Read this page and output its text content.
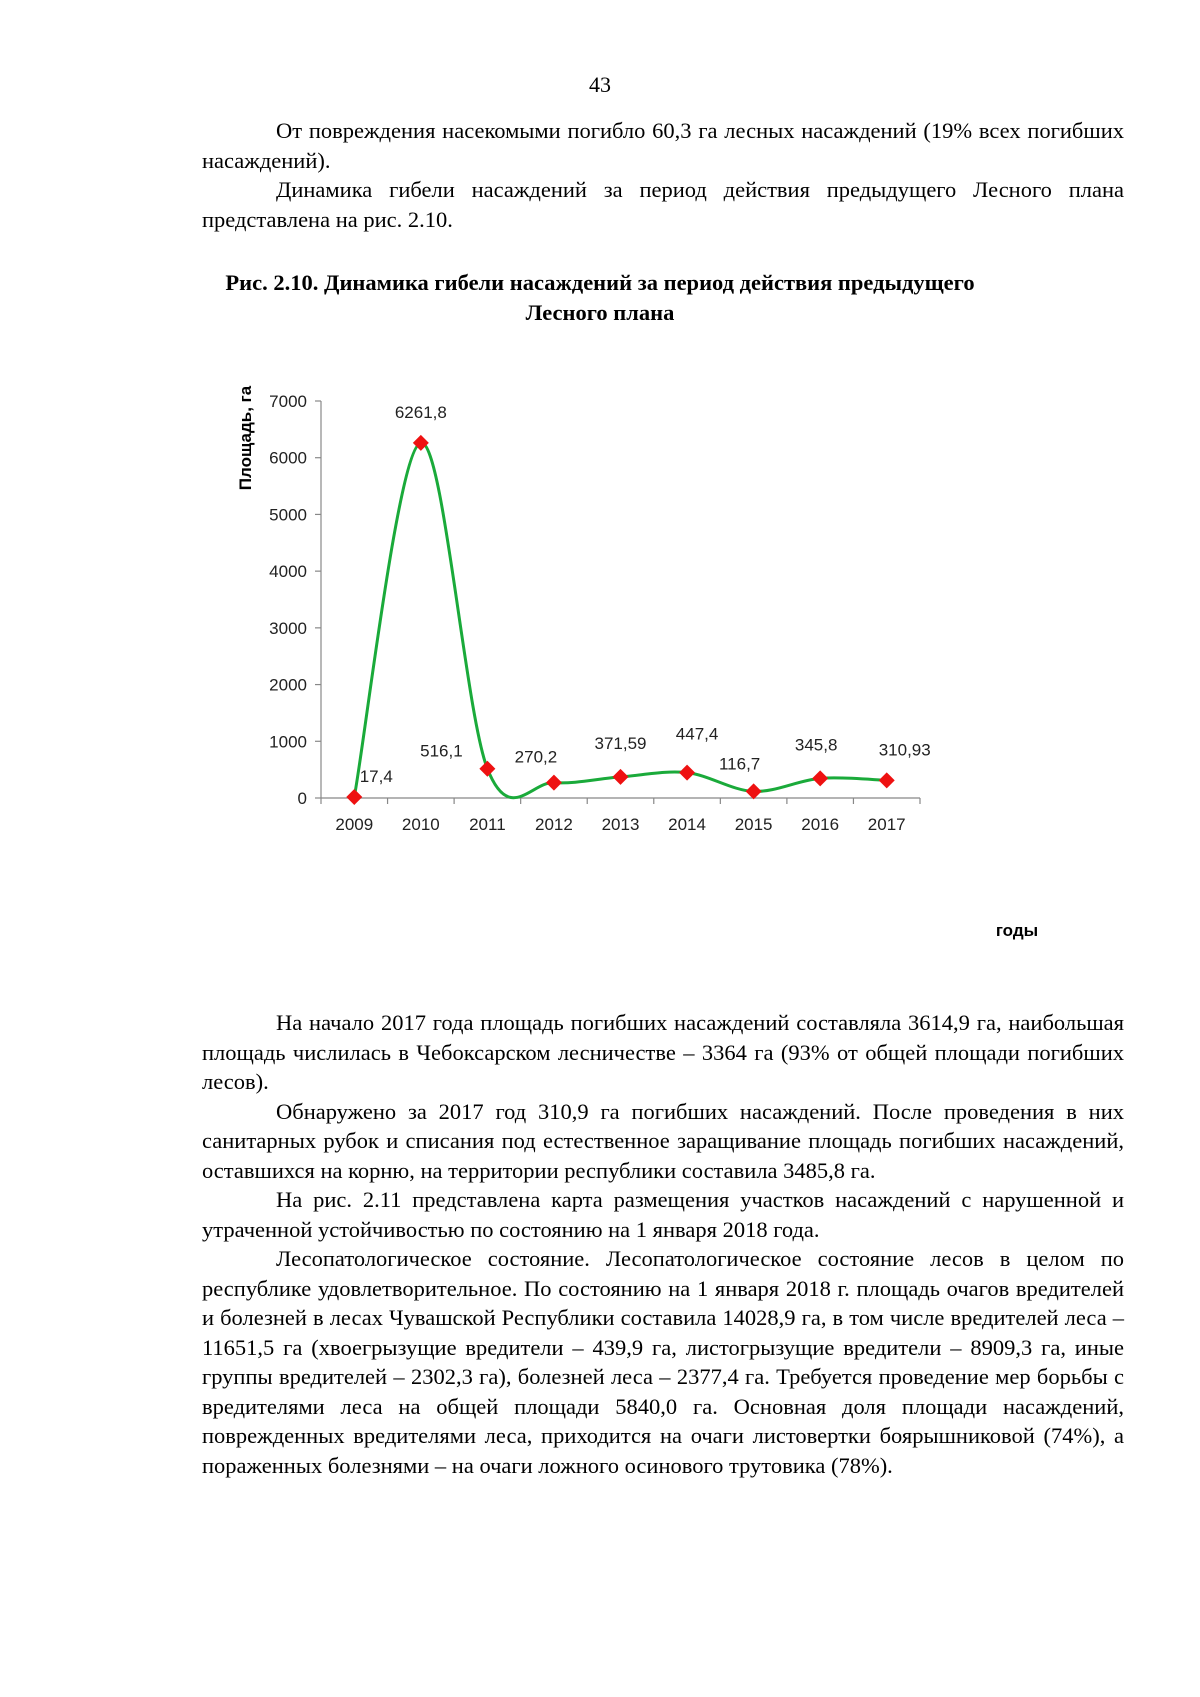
43

От повреждения насекомыми погибло 60,3 га лесных насаждений (19% всех погибших насаждений).

Динамика гибели насаждений за период действия предыдущего Лесного плана представлена на рис. 2.10.

Рис. 2.10. Динамика гибели насаждений за период действия предыдущего
Лесного плана
0
1000
2000
3000
4000
5000
6000
7000
2009 2010 2011 2012 2013 2014 2015 2016 2017
17,4
6261,8
516,1	270,2
371,59 447,4
116,7
345,8 310,93
Площадь, га
годы

На начало 2017 года площадь погибших насаждений составляла 3614,9 га, наибольшая площадь числилась в Чебоксарском лесничестве – 3364 га (93% от общей площади погибших лесов).

Обнаружено за 2017 год 310,9 га погибших насаждений. После проведения в них санитарных рубок и списания под естественное заращивание площадь погибших насаждений, оставшихся на корню, на территории республики составила 3485,8 га.

На рис. 2.11 представлена карта размещения участков насаждений с нарушенной и утраченной устойчивостью по состоянию на 1 января 2018 года.

Лесопатологическое состояние. Лесопатологическое состояние лесов в целом по республике удовлетворительное. По состоянию на 1 января 2018 г. площадь очагов вредителей и болезней в лесах Чувашской Республики составила 14028,9 га, в том числе вредителей леса – 11651,5 га (хвоегрызущие вредители – 439,9 га, листогрызущие вредители – 8909,3 га, иные группы вредителей – 2302,3 га), болезней леса – 2377,4 га. Требуется проведение мер борьбы с вредителями леса на общей площади 5840,0 га. Основная доля площади насаждений, поврежденных вредителями леса, приходится на очаги листовертки боярышниковой (74%), а пораженных болезнями – на очаги ложного осинового трутовика (78%).
